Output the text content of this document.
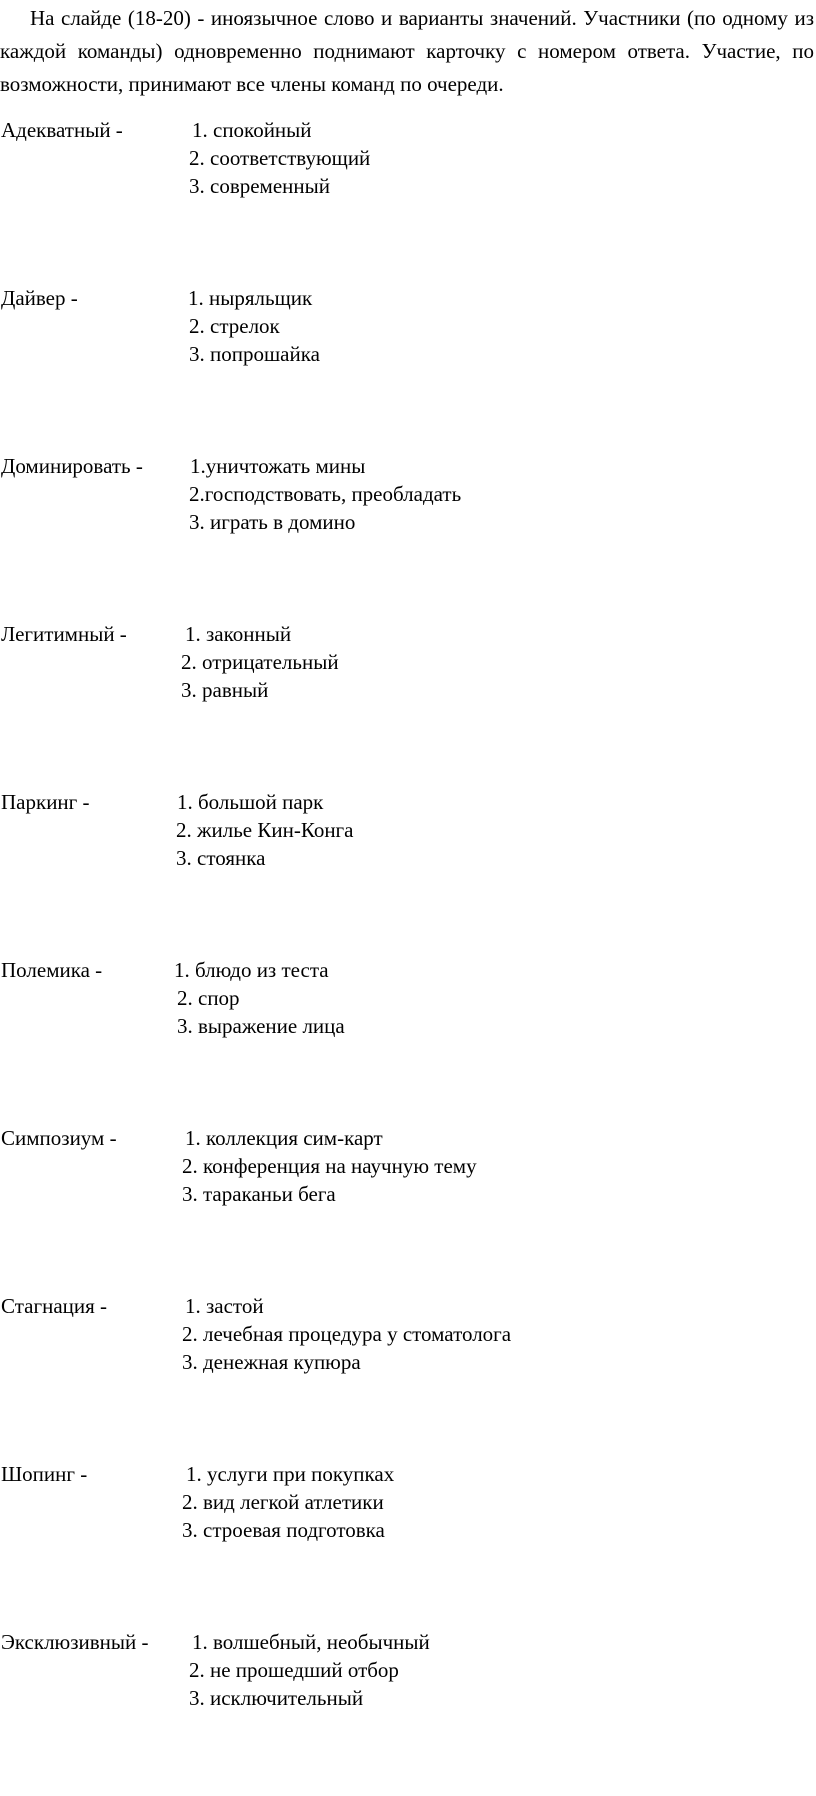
На слайде (18-20) - иноязычное слово и варианты значений. Участники (по одному из каждой команды) одновременно поднимают карточку с номером ответа. Участие, по возможности, принимают все члены команд по очереди.

Адекватный -	1. спокойный
2. соответствующий
3. современный
Дайвер -	1. ныряльщик
2. стрелок
3. попрошайка
Доминировать - 1.уничтожать мины
2.господствовать, преобладать
3. играть в домино
Легитимный -	1. законный
2. отрицательный
3. равный
Паркинг -	1. большой парк
2. жилье Кин-Конга
3. стоянка
Полемика -	1. блюдо из теста
2. спор
3. выражение лица
Симпозиум -	1. коллекция сим-карт
2. конференция на научную тему
3. тараканьи бега
Стагнация -	1. застой
2. лечебная процедура у стоматолога
3. денежная купюра
Шопинг -	1. услуги при покупках
2. вид легкой атлетики
3. строевая подготовка
Эксклюзивный - 1. волшебный, необычный
2. не прошедший отбор
3. исключительный
